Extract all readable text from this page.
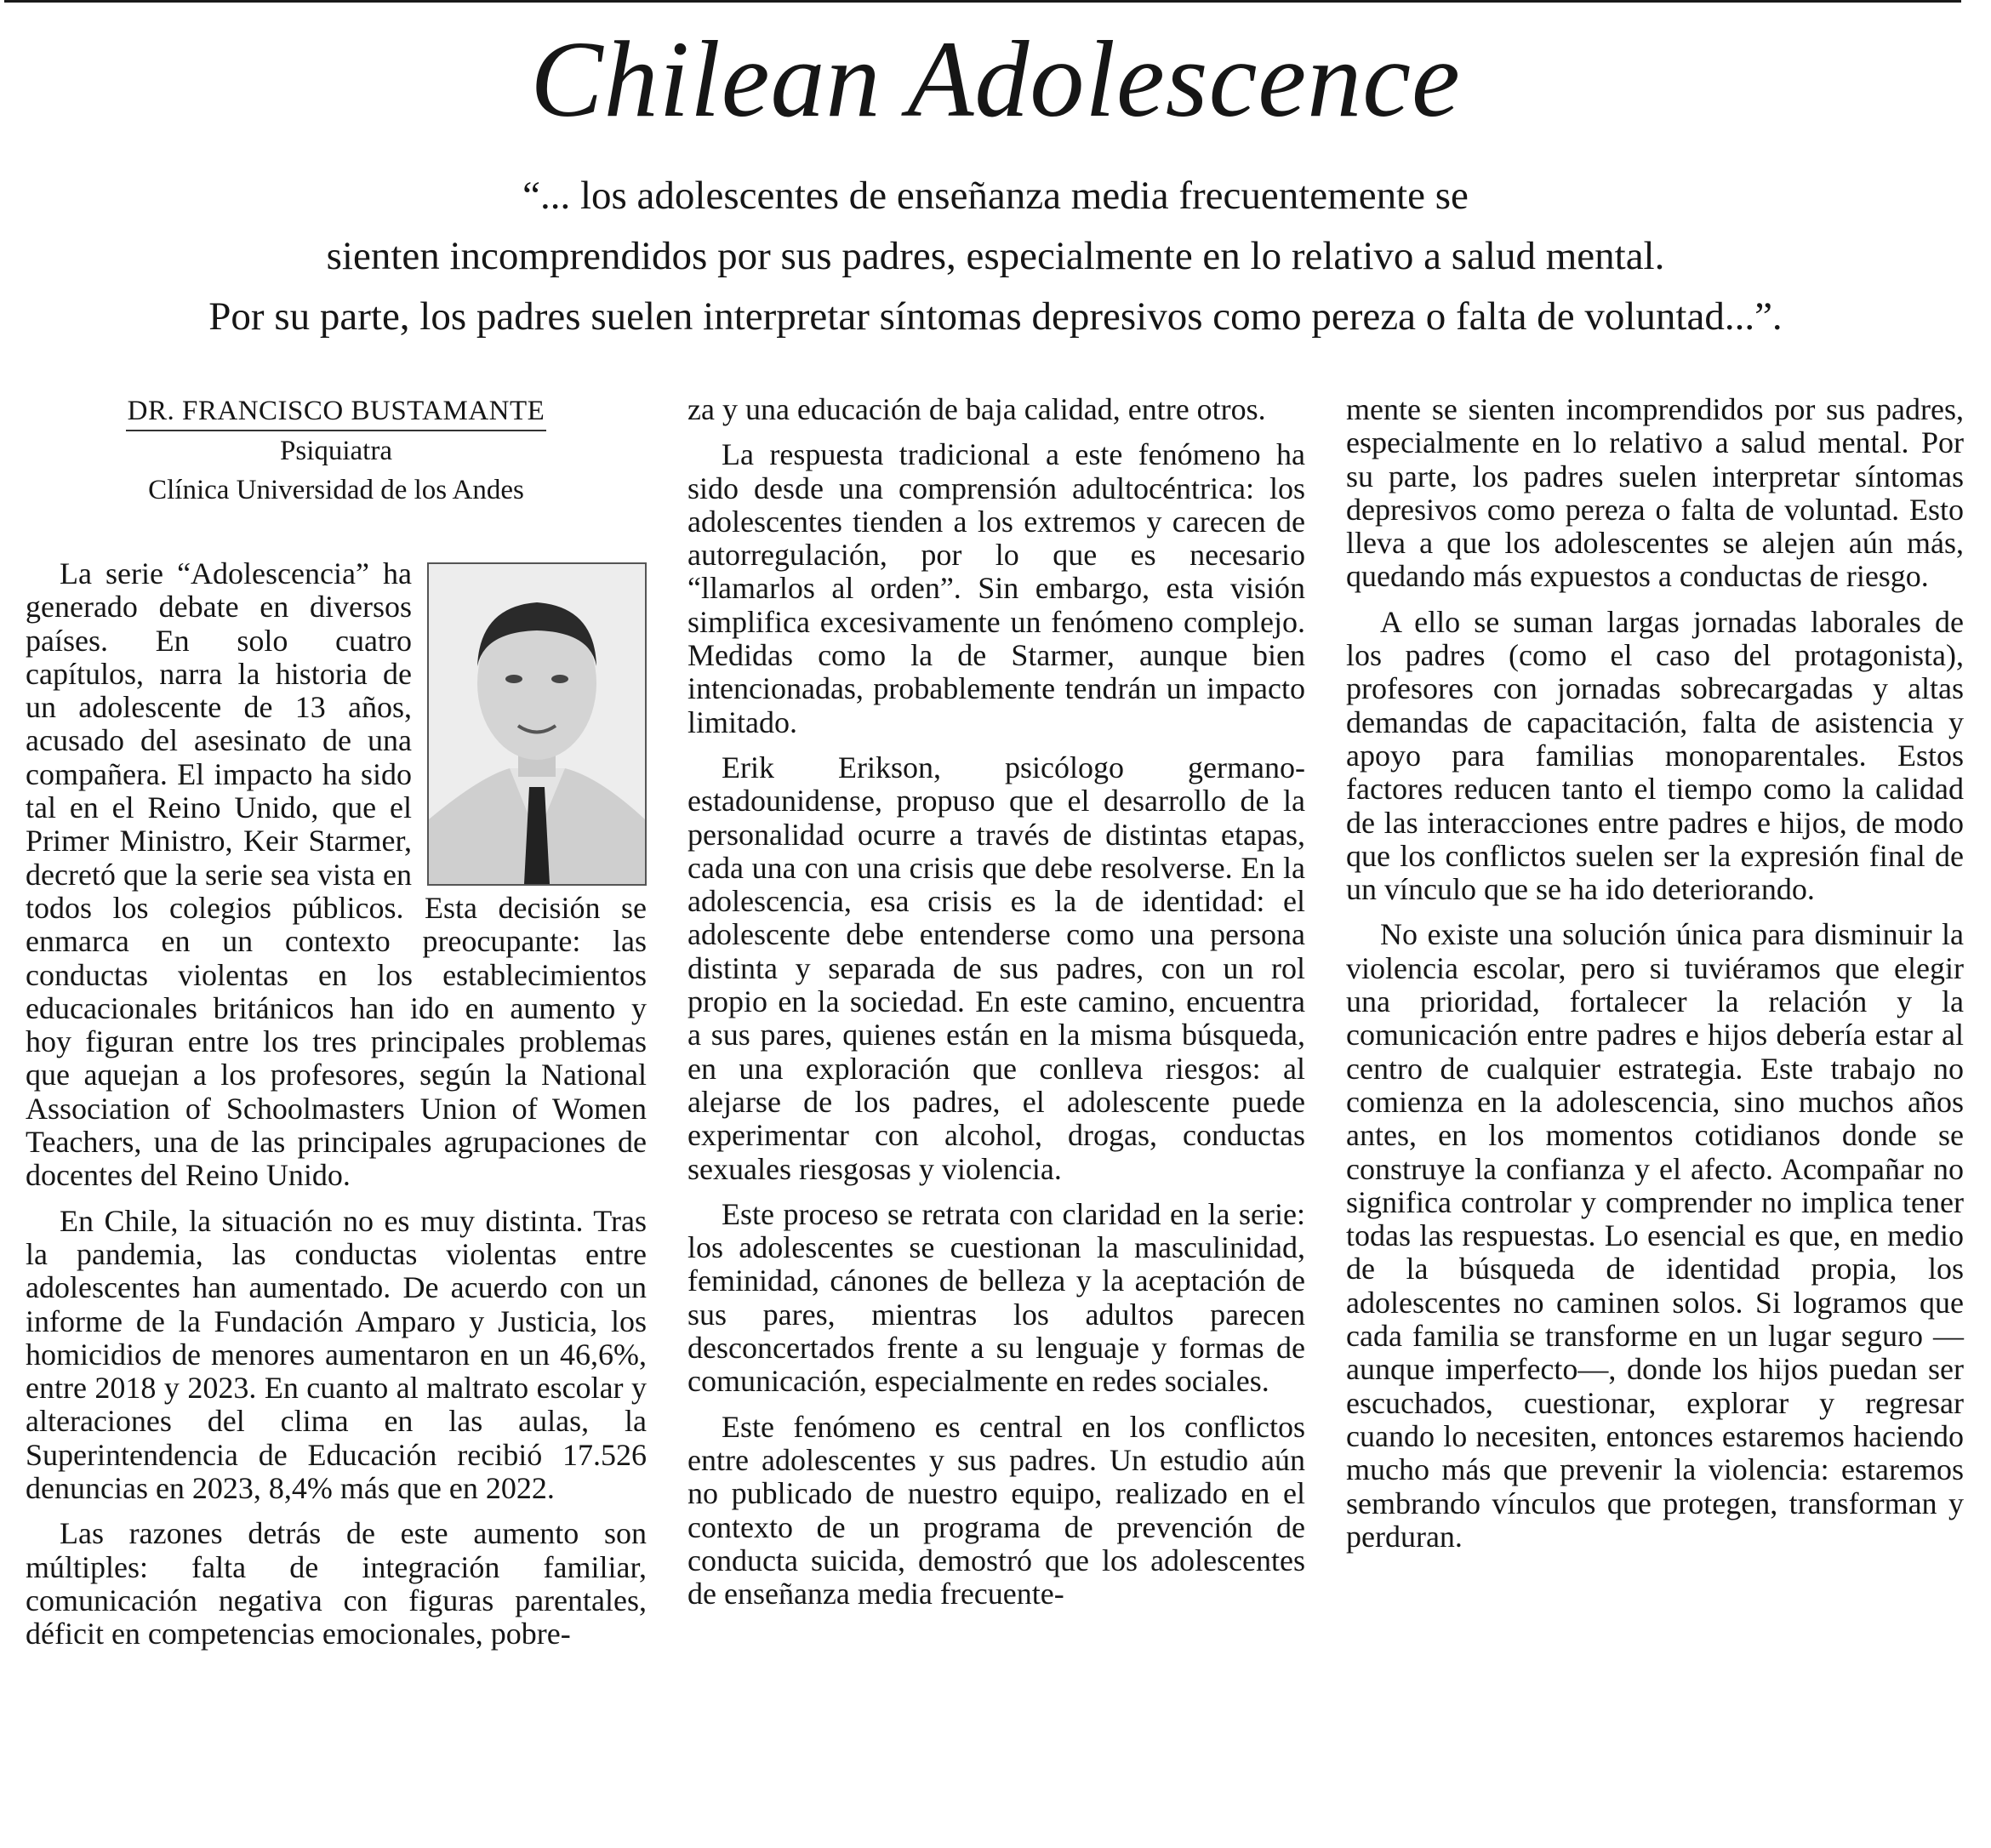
Chilean Adolescence
“... los adolescentes de enseñanza media frecuentemente se
sienten incomprendidos por sus padres, especialmente en lo relativo a salud mental.
Por su parte, los padres suelen interpretar síntomas depresivos como pereza o falta de voluntad...”.
DR. FRANCISCO BUSTAMANTE
Psiquiatra
Clínica Universidad de los Andes

La serie “Adolescencia” ha generado debate en diversos países. En solo cuatro capítulos, narra la historia de un adolescente de 13 años, acusado del asesinato de una compañera. El impacto ha sido tal en el Reino Unido, que el Primer Ministro, Keir Starmer, decretó que la serie sea vista en todos los colegios públicos. Esta decisión se enmarca en un contexto preocupante: las conductas violentas en los establecimientos educacionales británicos han ido en aumento y hoy figuran entre los tres principales problemas que aquejan a los profesores, según la National Association of Schoolmasters Union of Women Teachers, una de las principales agrupaciones de docentes del Reino Unido.

En Chile, la situación no es muy distinta. Tras la pandemia, las conductas violentas entre adolescentes han aumentado. De acuerdo con un informe de la Fundación Amparo y Justicia, los homicidios de menores aumentaron en un 46,6%, entre 2018 y 2023. En cuanto al maltrato escolar y alteraciones del clima en las aulas, la Superintendencia de Educación recibió 17.526 denuncias en 2023, 8,4% más que en 2022.

Las razones detrás de este aumento son múltiples: falta de integración familiar, comunicación negativa con figuras parentales, déficit en competencias emocionales, pobre-

za y una educación de baja calidad, entre otros.

La respuesta tradicional a este fenómeno ha sido desde una comprensión adultocéntrica: los adolescentes tienden a los extremos y carecen de autorregulación, por lo que es necesario “llamarlos al orden”. Sin embargo, esta visión simplifica excesivamente un fenómeno complejo. Medidas como la de Starmer, aunque bien intencionadas, probablemente tendrán un impacto limitado.

Erik Erikson, psicólogo germano-estadounidense, propuso que el desarrollo de la personalidad ocurre a través de distintas etapas, cada una con una crisis que debe resolverse. En la adolescencia, esa crisis es la de identidad: el adolescente debe entenderse como una persona distinta y separada de sus padres, con un rol propio en la sociedad. En este camino, encuentra a sus pares, quienes están en la misma búsqueda, en una exploración que conlleva riesgos: al alejarse de los padres, el adolescente puede experimentar con alcohol, drogas, conductas sexuales riesgosas y violencia.

Este proceso se retrata con claridad en la serie: los adolescentes se cuestionan la masculinidad, feminidad, cánones de belleza y la aceptación de sus pares, mientras los adultos parecen desconcertados frente a su lenguaje y formas de comunicación, especialmente en redes sociales.

Este fenómeno es central en los conflictos entre adolescentes y sus padres. Un estudio aún no publicado de nuestro equipo, realizado en el contexto de un programa de prevención de conducta suicida, demostró que los adolescentes de enseñanza media frecuente-

mente se sienten incomprendidos por sus padres, especialmente en lo relativo a salud mental. Por su parte, los padres suelen interpretar síntomas depresivos como pereza o falta de voluntad. Esto lleva a que los adolescentes se alejen aún más, quedando más expuestos a conductas de riesgo.

A ello se suman largas jornadas laborales de los padres (como el caso del protagonista), profesores con jornadas sobrecargadas y altas demandas de capacitación, falta de asistencia y apoyo para familias monoparentales. Estos factores reducen tanto el tiempo como la calidad de las interacciones entre padres e hijos, de modo que los conflictos suelen ser la expresión final de un vínculo que se ha ido deteriorando.

No existe una solución única para disminuir la violencia escolar, pero si tuviéramos que elegir una prioridad, fortalecer la relación y la comunicación entre padres e hijos debería estar al centro de cualquier estrategia. Este trabajo no comienza en la adolescencia, sino muchos años antes, en los momentos cotidianos donde se construye la confianza y el afecto. Acompañar no significa controlar y comprender no implica tener todas las respuestas. Lo esencial es que, en medio de la búsqueda de identidad propia, los adolescentes no caminen solos. Si logramos que cada familia se transforme en un lugar seguro —aunque imperfecto—, donde los hijos puedan ser escuchados, cuestionar, explorar y regresar cuando lo necesiten, entonces estaremos haciendo mucho más que prevenir la violencia: estaremos sembrando vínculos que protegen, transforman y perduran.
